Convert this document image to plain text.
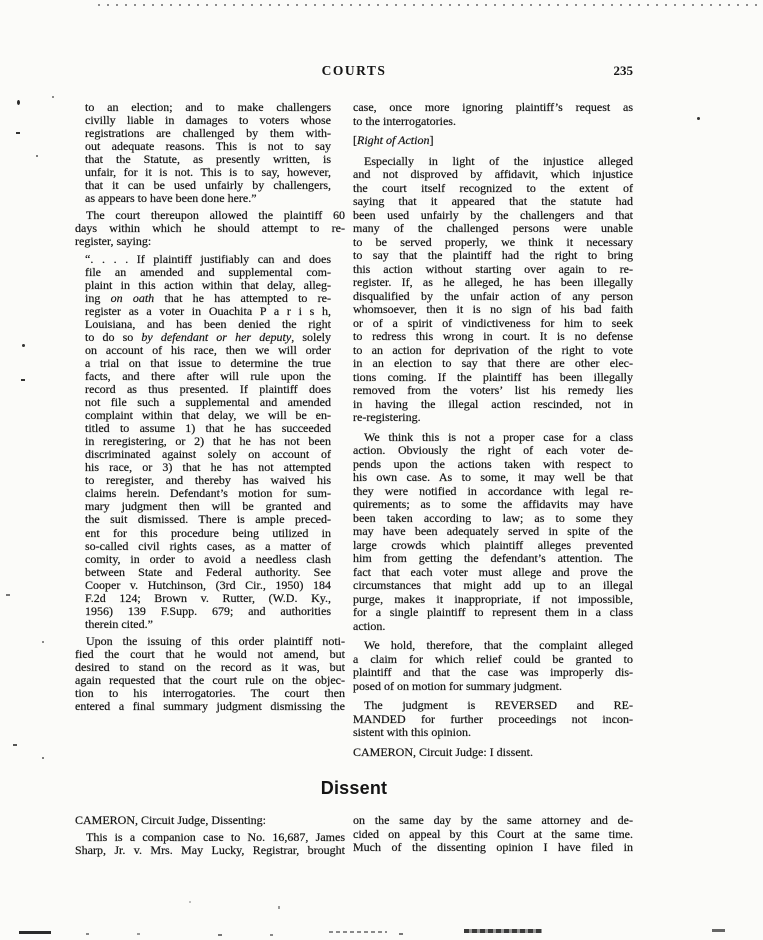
COURTS	235
to an election; and to make challengers
civilly liable in damages to voters whose
registrations are challenged by them with-
out adequate reasons. This is not to say
that the Statute, as presently written, is
unfair, for it is not. This is to say, however,
that it can be used unfairly by challengers,
as appears to have been done here.”
The court thereupon allowed the plaintiff 60
days within which he should attempt to re-
register, saying:
“. . . . If plaintiff justifiably can and does
file an amended and supplemental com-
plaint in this action within that delay, alleg-
ing on oath that he has attempted to re-
register as a voter in Ouachita P a r i s h,
Louisiana, and has been denied the right
to do so by defendant or her deputy, solely
on account of his race, then we will order
a trial on that issue to determine the true
facts, and there after will rule upon the
record as thus presented. If plaintiff does
not file such a supplemental and amended
complaint within that delay, we will be en-
titled to assume 1) that he has succeeded
in reregistering, or 2) that he has not been
discriminated against solely on account of
his race, or 3) that he has not attempted
to reregister, and thereby has waived his
claims herein. Defendant’s motion for sum-
mary judgment then will be granted and
the suit dismissed. There is ample preced-
ent for this procedure being utilized in
so-called civil rights cases, as a matter of
comity, in order to avoid a needless clash
between State and Federal authority. See
Cooper v. Hutchinson, (3rd Cir., 1950) 184
F.2d 124; Brown v. Rutter, (W.D. Ky.,
1956) 139 F.Supp. 679; and authorities
therein cited.”
Upon the issuing of this order plaintiff noti-
fied the court that he would not amend, but
desired to stand on the record as it was, but
again requested that the court rule on the objec-
tion to his interrogatories. The court then
entered a final summary judgment dismissing the
case, once more ignoring plaintiff’s request as
to the interrogatories.
[Right of Action]
Especially in light of the injustice alleged
and not disproved by affidavit, which injustice
the court itself recognized to the extent of
saying that it appeared that the statute had
been used unfairly by the challengers and that
many of the challenged persons were unable
to be served properly, we think it necessary
to say that the plaintiff had the right to bring
this action without starting over again to re-
register. If, as he alleged, he has been illegally
disqualified by the unfair action of any person
whomsoever, then it is no sign of his bad faith
or of a spirit of vindictiveness for him to seek
to redress this wrong in court. It is no defense
to an action for deprivation of the right to vote
in an election to say that there are other elec-
tions coming. If the plaintiff has been illegally
removed from the voters’ list his remedy lies
in having the illegal action rescinded, not in
re-registering.
We think this is not a proper case for a class
action. Obviously the right of each voter de-
pends upon the actions taken with respect to
his own case. As to some, it may well be that
they were notified in accordance with legal re-
quirements; as to some the affidavits may have
been taken according to law; as to some they
may have been adequately served in spite of the
large crowds which plaintiff alleges prevented
him from getting the defendant’s attention. The
fact that each voter must allege and prove the
circumstances that might add up to an illegal
purge, makes it inappropriate, if not impossible,
for a single plaintiff to represent them in a class
action.
We hold, therefore, that the complaint alleged
a claim for which relief could be granted to
plaintiff and that the case was improperly dis-
posed of on motion for summary judgment.
The judgment is REVERSED and RE-
MANDED for further proceedings not incon-
sistent with this opinion.
CAMERON, Circuit Judge: I dissent.
Dissent
CAMERON, Circuit Judge, Dissenting:
This is a companion case to No. 16,687, James
Sharp, Jr. v. Mrs. May Lucky, Registrar, brought
on the same day by the same attorney and de-
cided on appeal by this Court at the same time.
Much of the dissenting opinion I have filed in
